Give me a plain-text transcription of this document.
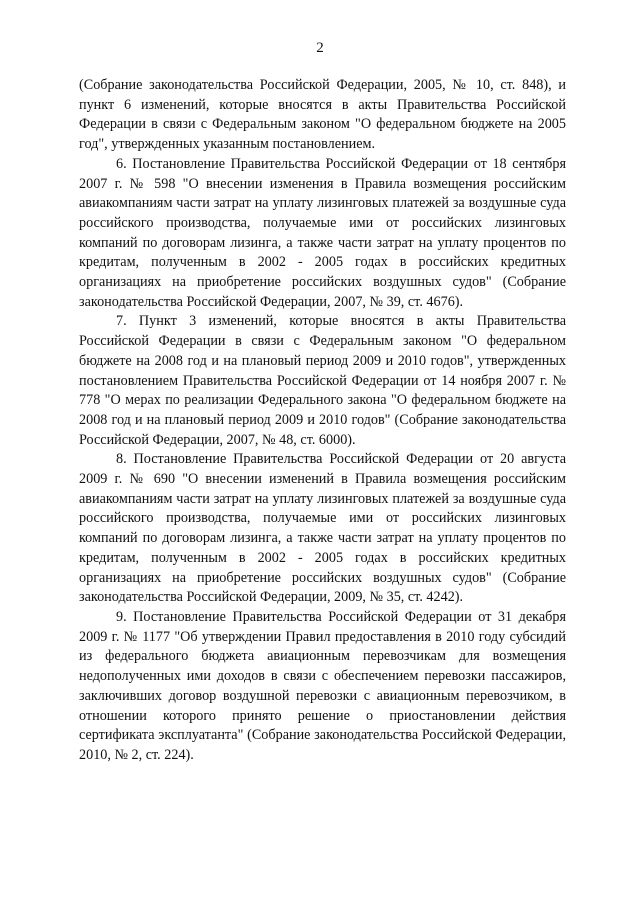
2

(Собрание законодательства Российской Федерации, 2005, № 10, ст. 848), и пункт 6 изменений, которые вносятся в акты Правительства Российской Федерации в связи с Федеральным законом "О федеральном бюджете на 2005 год", утвержденных указанным постановлением.

6. Постановление Правительства Российской Федерации от 18 сентября 2007 г. № 598 "О внесении изменения в Правила возмещения российским авиакомпаниям части затрат на уплату лизинговых платежей за воздушные суда российского производства, получаемые ими от российских лизинговых компаний по договорам лизинга, а также части затрат на уплату процентов по кредитам, полученным в 2002 - 2005 годах в российских кредитных организациях на приобретение российских воздушных судов" (Собрание законодательства Российской Федерации, 2007, № 39, ст. 4676).

7. Пункт 3 изменений, которые вносятся в акты Правительства Российской Федерации в связи с Федеральным законом "О федеральном бюджете на 2008 год и на плановый период 2009 и 2010 годов", утвержденных постановлением Правительства Российской Федерации от 14 ноября 2007 г. № 778 "О мерах по реализации Федерального закона "О федеральном бюджете на 2008 год и на плановый период 2009 и 2010 годов" (Собрание законодательства Российской Федерации, 2007, № 48, ст. 6000).

8. Постановление Правительства Российской Федерации от 20 августа 2009 г. № 690 "О внесении изменений в Правила возмещения российским авиакомпаниям части затрат на уплату лизинговых платежей за воздушные суда российского производства, получаемые ими от российских лизинговых компаний по договорам лизинга, а также части затрат на уплату процентов по кредитам, полученным в 2002 - 2005 годах в российских кредитных организациях на приобретение российских воздушных судов" (Собрание законодательства Российской Федерации, 2009, № 35, ст. 4242).

9. Постановление Правительства Российской Федерации от 31 декабря 2009 г. № 1177 "Об утверждении Правил предоставления в 2010 году субсидий из федерального бюджета авиационным перевозчикам для возмещения недополученных ими доходов в связи с обеспечением перевозки пассажиров, заключивших договор воздушной перевозки с авиационным перевозчиком, в отношении которого принято решение о приостановлении действия сертификата эксплуатанта" (Собрание законодательства Российской Федерации, 2010, № 2, ст. 224).
